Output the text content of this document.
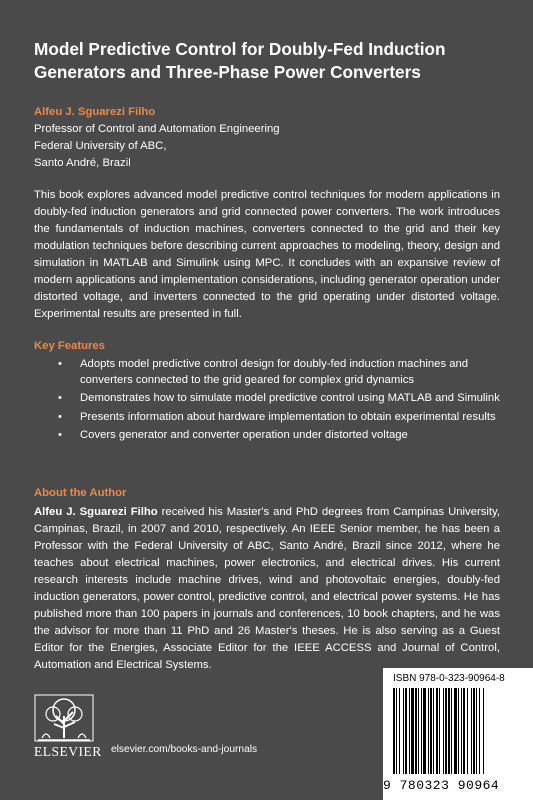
Model Predictive Control for Doubly-Fed Induction
Generators and Three-Phase Power Converters
Alfeu J. Sguarezi Filho
Professor of Control and Automation Engineering
Federal University of ABC,
Santo André, Brazil
This book explores advanced model predictive control techniques for modern applications in doubly-fed induction generators and grid connected power converters. The work introduces the fundamentals of induction machines, converters connected to the grid and their key modulation techniques before describing current approaches to modeling, theory, design and simulation in MATLAB and Simulink using MPC. It concludes with an expansive review of modern applications and implementation considerations, including generator operation under distorted voltage, and inverters connected to the grid operating under distorted voltage. Experimental results are presented in full.
Key Features
• Adopts model predictive control design for doubly-fed induction machines and converters connected to the grid geared for complex grid dynamics
• Demonstrates how to simulate model predictive control using MATLAB and Simulink
• Presents information about hardware implementation to obtain experimental results
• Covers generator and converter operation under distorted voltage
About the Author
Alfeu J. Sguarezi Filho received his Master's and PhD degrees from Campinas University, Campinas, Brazil, in 2007 and 2010, respectively. An IEEE Senior member, he has been a Professor with the Federal University of ABC, Santo André, Brazil since 2012, where he teaches about electrical machines, power electronics, and electrical drives. His current research interests include machine drives, wind and photovoltaic energies, doubly-fed induction generators, power control, predictive control, and electrical power systems. He has published more than 100 papers in journals and conferences, 10 book chapters, and he was the advisor for more than 11 PhD and 26 Master's theses. He is also serving as a Guest Editor for the Energies, Associate Editor for the IEEE ACCESS and Journal of Control, Automation and Electrical Systems.
ELSEVIER elsevier.com/books-and-journals
ISBN 978-0-323-90964-8
9 780323 90964
